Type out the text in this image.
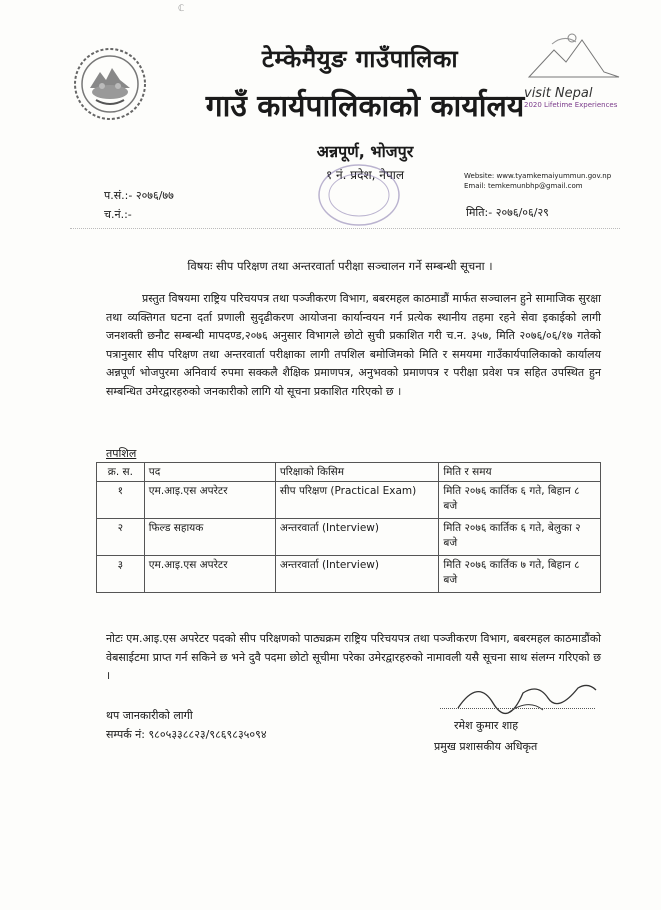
ℂ
visit Nepal
2020 Lifetime Experiences
टेम्केमैयुङ गाउँपालिका
गाउँ कार्यपालिकाको कार्यालय
अन्नपूर्ण, भोजपुर
१ नं. प्रदेश, नेपाल	Website: www.tyamkemaiyummun.gov.np
Email: temkemunbhp@gmail.com
प.सं.:- २०७६/७७
च.नं.:-	मिति:- २०७६/०६/२९
विषयः सीप परिक्षण तथा अन्तरवार्ता परीक्षा सञ्चालन गर्ने सम्बन्धी सूचना ।
प्रस्तुत विषयमा राष्ट्रिय परिचयपत्र तथा पञ्जीकरण विभाग, बबरमहल काठमाडौं मार्फत सञ्चालन हुने सामाजिक सुरक्षा तथा व्यक्तिगत घटना दर्ता प्रणाली सुदृढीकरण आयोजना कार्यान्वयन गर्न प्रत्येक स्थानीय तहमा रहने सेवा इकाईको लागी जनशक्ती छनौट सम्बन्धी मापदण्ड,२०७६ अनुसार विभागले छोटो सुची प्रकाशित गरी च.न. ३५७, मिति २०७६/०६/१७ गतेको पत्रानुसार सीप परिक्षण तथा अन्तरवार्ता परीक्षाका लागी तपशिल बमोजिमको मिति र समयमा गाउँकार्यपालिकाको कार्यालय अन्नपूर्ण भोजपुरमा अनिवार्य रुपमा सक्कलै शैक्षिक प्रमाणपत्र, अनुभवको प्रमाणपत्र र परीक्षा प्रवेश पत्र सहित उपस्थित हुन सम्बन्धित उमेरद्वारहरुको जनकारीको लागि यो सूचना प्रकाशित गरिएको छ ।
तपशिल
क्र. स.	पद	परिक्षाको किसिम	मिति र समय
१	एम.आइ.एस अपरेटर	सीप परिक्षण (Practical Exam)	मिति २०७६ कार्तिक ६ गते, बिहान ८ बजे
२	फिल्ड सहायक	अन्तरवार्ता (Interview)	मिति २०७६ कार्तिक ६ गते, बेलुका २ बजे
३	एम.आइ.एस अपरेटर	अन्तरवार्ता (Interview)	मिति २०७६ कार्तिक ७ गते, बिहान ८ बजे
नोटः एम.आइ.एस अपरेटर पदको सीप परिक्षणको पाठ्यक्रम राष्ट्रिय परिचयपत्र तथा पञ्जीकरण विभाग, बबरमहल काठमाडौंको वेबसाईटमा प्राप्त गर्न सकिने छ भने दुवै पदमा छोटो सूचीमा परेका उमेरद्वारहरुको नामावली यसै सूचना साथ संलग्न गरिएको छ ।
थप जानकारीको लागी
सम्पर्क नं: ९८०५३३८८२३/९८६९८३५०९४
रमेश कुमार शाह
प्रमुख प्रशासकीय अधिकृत
